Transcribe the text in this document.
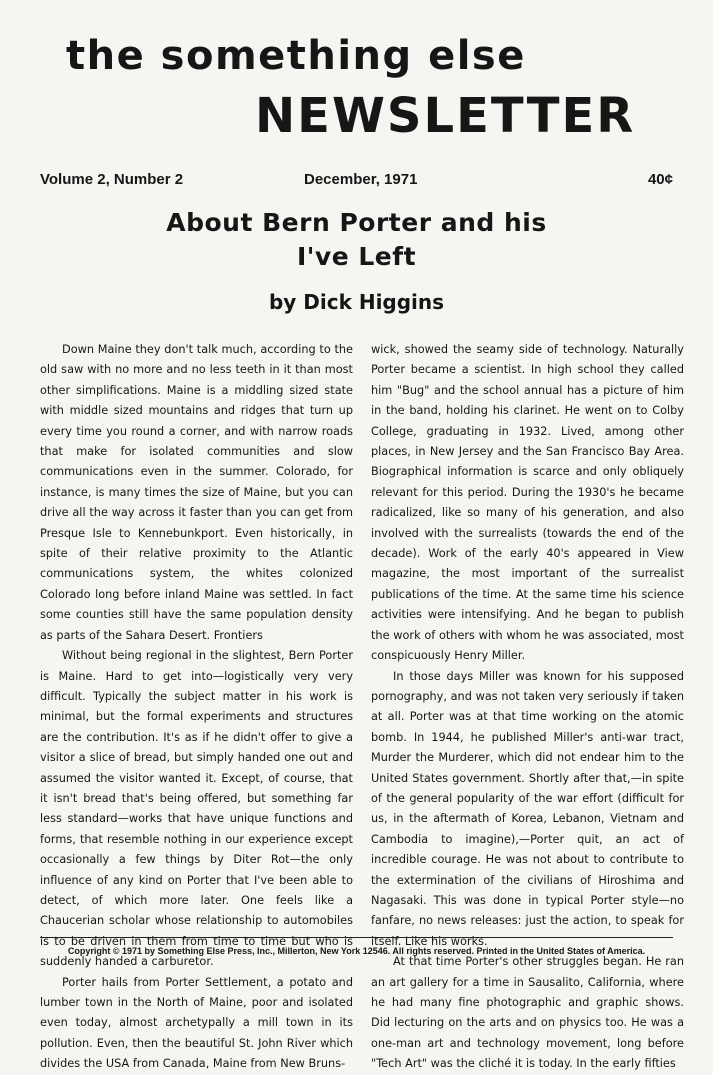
the something else
NEWSLETTER
Volume 2, Number 2	December, 1971	40¢
About Bern Porter and his
I've Left
by Dick Higgins

Down Maine they don't talk much, according to the old saw with no more and no less teeth in it than most other simplifications. Maine is a middling sized state with middle sized mountains and ridges that turn up every time you round a corner, and with narrow roads that make for isolated communities and slow communications even in the summer. Colorado, for instance, is many times the size of Maine, but you can drive all the way across it faster than you can get from Presque Isle to Kennebunkport. Even historically, in spite of their relative proximity to the Atlantic communications system, the whites colonized Colorado long before inland Maine was settled. In fact some counties still have the same population density as parts of the Sahara Desert. Frontiers

Without being regional in the slightest, Bern Porter is Maine. Hard to get into—logistically very very difficult. Typically the subject matter in his work is minimal, but the formal experiments and structures are the contribution. It's as if he didn't offer to give a visitor a slice of bread, but simply handed one out and assumed the visitor wanted it. Except, of course, that it isn't bread that's being offered, but something far less standard—works that have unique functions and forms, that resemble nothing in our experience except occasionally a few things by Diter Rot—the only influence of any kind on Porter that I've been able to detect, of which more later. One feels like a Chaucerian scholar whose relationship to automobiles is to be driven in them from time to time but who is suddenly handed a carburetor.

Porter hails from Porter Settlement, a potato and lumber town in the North of Maine, poor and isolated even today, almost archetypally a mill town in its pollution. Even, then the beautiful St. John River which divides the USA from Canada, Maine from New Bruns-

wick, showed the seamy side of technology. Naturally Porter became a scientist. In high school they called him "Bug" and the school annual has a picture of him in the band, holding his clarinet. He went on to Colby College, graduating in 1932. Lived, among other places, in New Jersey and the San Francisco Bay Area. Biographical information is scarce and only obliquely relevant for this period. During the 1930's he became radicalized, like so many of his generation, and also involved with the surrealists (towards the end of the decade). Work of the early 40's appeared in View magazine, the most important of the surrealist publications of the time. At the same time his science activities were intensifying. And he began to publish the work of others with whom he was associated, most conspicuously Henry Miller.

In those days Miller was known for his supposed pornography, and was not taken very seriously if taken at all. Porter was at that time working on the atomic bomb. In 1944, he published Miller's anti-war tract, Murder the Murderer, which did not endear him to the United States government. Shortly after that,—in spite of the general popularity of the war effort (difficult for us, in the aftermath of Korea, Lebanon, Vietnam and Cambodia to imagine),—Porter quit, an act of incredible courage. He was not about to contribute to the extermination of the civilians of Hiroshima and Nagasaki. This was done in typical Porter style—no fanfare, no news releases: just the action, to speak for itself. Like his works.

At that time Porter's other struggles began. He ran an art gallery for a time in Sausalito, California, where he had many fine photographic and graphic shows. Did lecturing on the arts and on physics too. He was a one-man art and technology movement, long before "Tech Art" was the cliché it is today. In the early fifties

Copyright © 1971 by Something Else Press, Inc., Millerton, New York 12546. All rights reserved. Printed in the United States of America.
